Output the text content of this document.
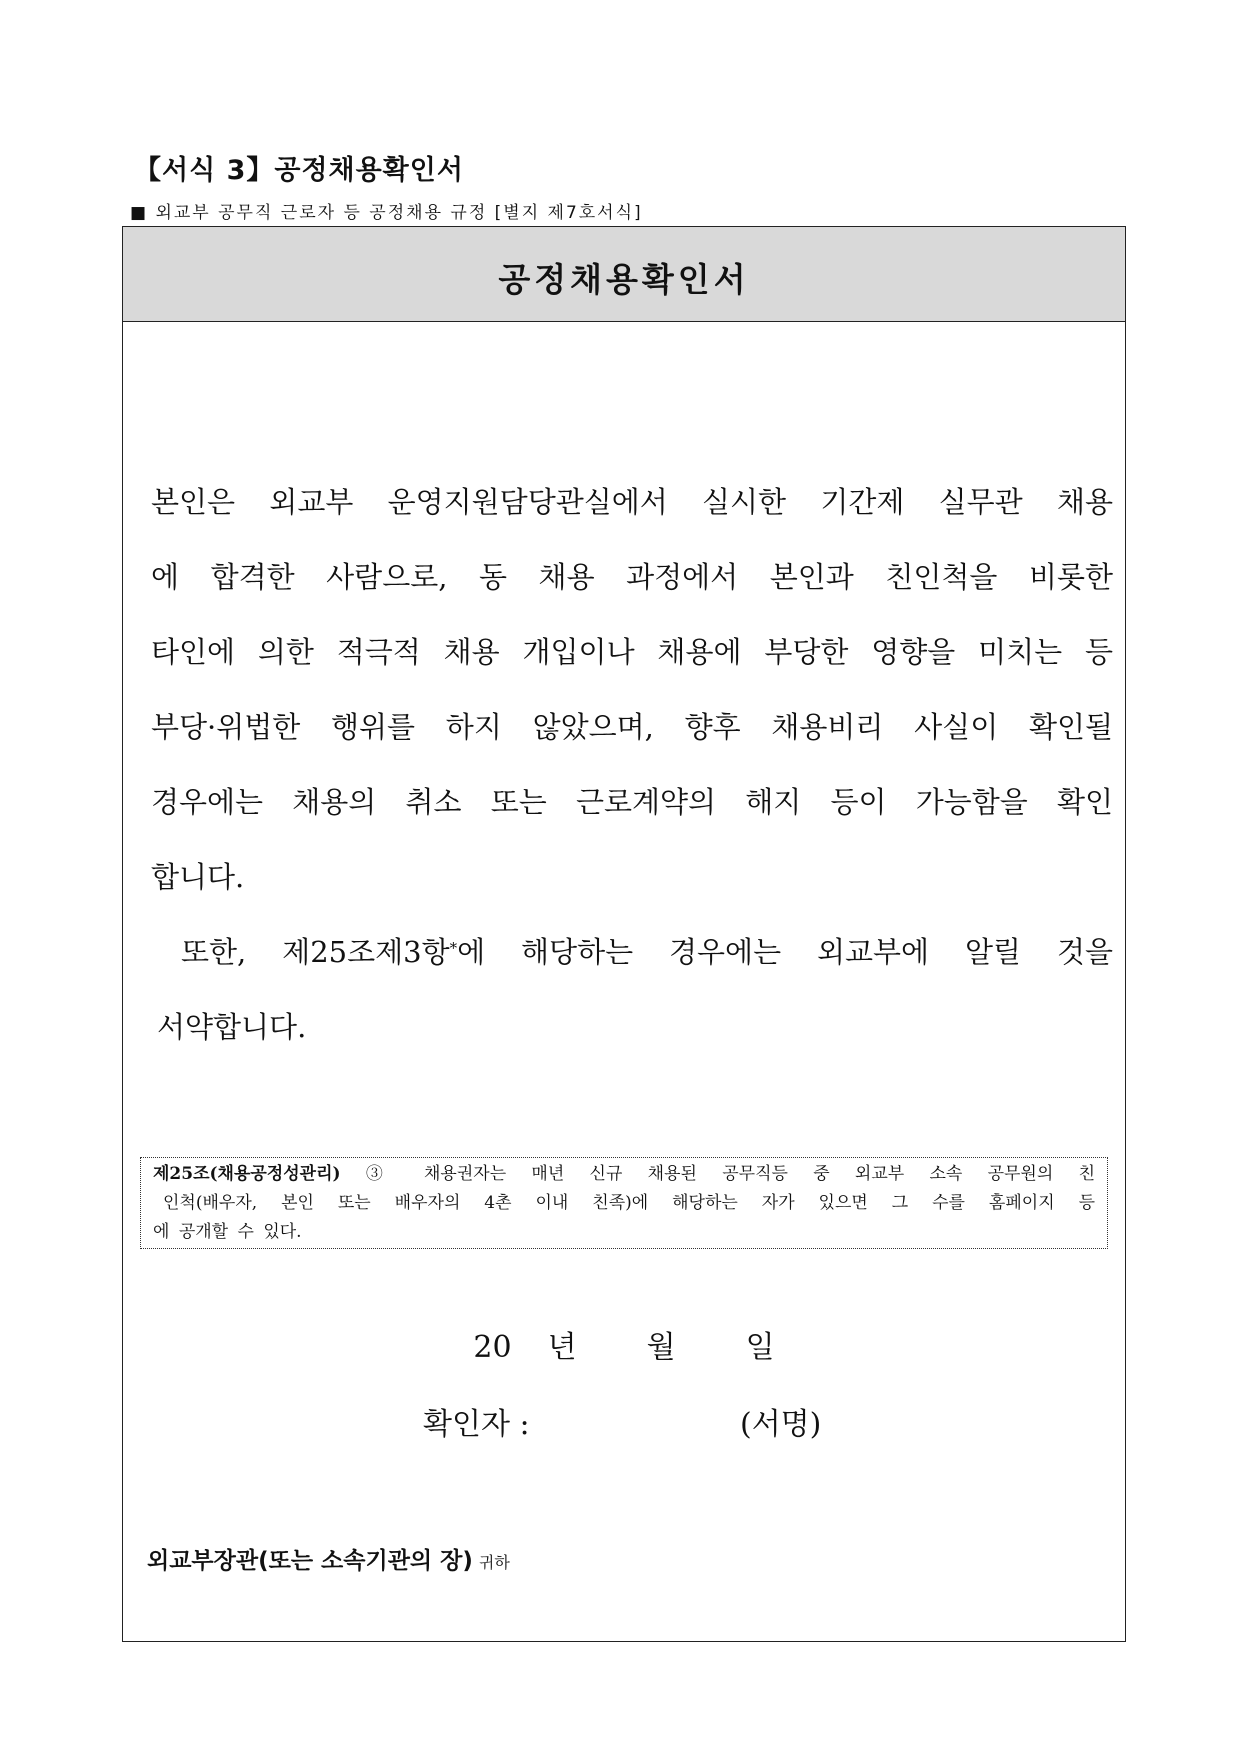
【서식 3】공정채용확인서
■ 외교부 공무직 근로자 등 공정채용 규정 [별지 제7호서식]
공정채용확인서
본인은 외교부 운영지원담당관실에서 실시한 기간제 실무관 채용
에 합격한 사람으로, 동 채용 과정에서 본인과 친인척을 비롯한
타인에 의한 적극적 채용 개입이나 채용에 부당한 영향을 미치는 등
부당·위법한 행위를 하지 않았으며, 향후 채용비리 사실이 확인될
경우에는 채용의 취소 또는 근로계약의 해지 등이 가능함을 확인
합니다.
또한, 제25조제3항*에 해당하는 경우에는 외교부에 알릴 것을
서약합니다.
제25조(채용공정성관리) ③ 채용권자는 매년 신규 채용된 공무직등 중 외교부 소속 공무원의 친
인척(배우자, 본인 또는 배우자의 4촌 이내 친족)에 해당하는 자가 있으면 그 수를 홈페이지 등
에 공개할 수 있다.
20 년 월 일
확인자 :	(서명)
외교부장관(또는 소속기관의 장) 귀하
